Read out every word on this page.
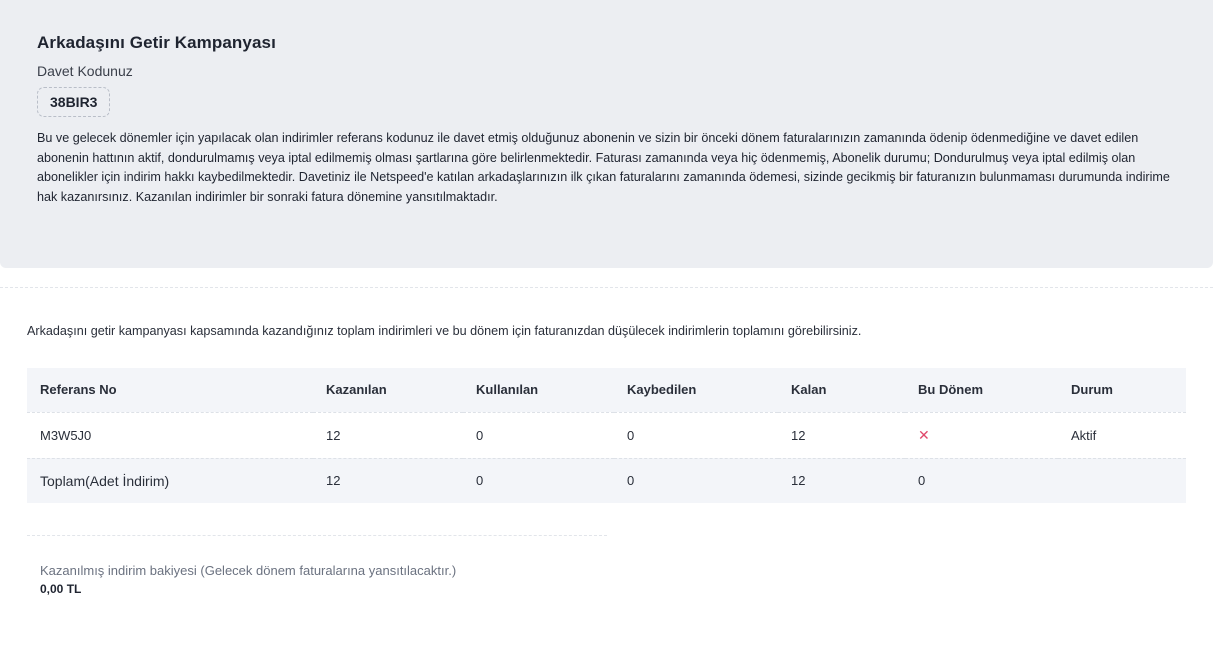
Arkadaşını Getir Kampanyası
Davet Kodunuz
38BIR3

Bu ve gelecek dönemler için yapılacak olan indirimler referans kodunuz ile davet etmiş olduğunuz abonenin ve sizin bir önceki dönem faturalarınızın zamanında ödenip ödenmediğine ve davet edilen abonenin hattının aktif, dondurulmamış veya iptal edilmemiş olması şartlarına göre belirlenmektedir. Faturası zamanında veya hiç ödenmemiş, Abonelik durumu; Dondurulmuş veya iptal edilmiş olan abonelikler için indirim hakkı kaybedilmektedir. Davetiniz ile Netspeed'e katılan arkadaşlarınızın ilk çıkan faturalarını zamanında ödemesi, sizinde gecikmiş bir faturanızın bulunmaması durumunda indirime hak kazanırsınız. Kazanılan indirimler bir sonraki fatura dönemine yansıtılmaktadır.

Arkadaşını getir kampanyası kapsamında kazandığınız toplam indirimleri ve bu dönem için faturanızdan düşülecek indirimlerin toplamını görebilirsiniz.

Referans No	Kazanılan	Kullanılan	Kaybedilen	Kalan	Bu Dönem	Durum
M3W5J0	12	0	0	12	✕	Aktif
Toplam(Adet İndirim)	12	0	0	12	0	
Kazanılmış indirim bakiyesi (Gelecek dönem faturalarına yansıtılacaktır.)
0,00 TL
